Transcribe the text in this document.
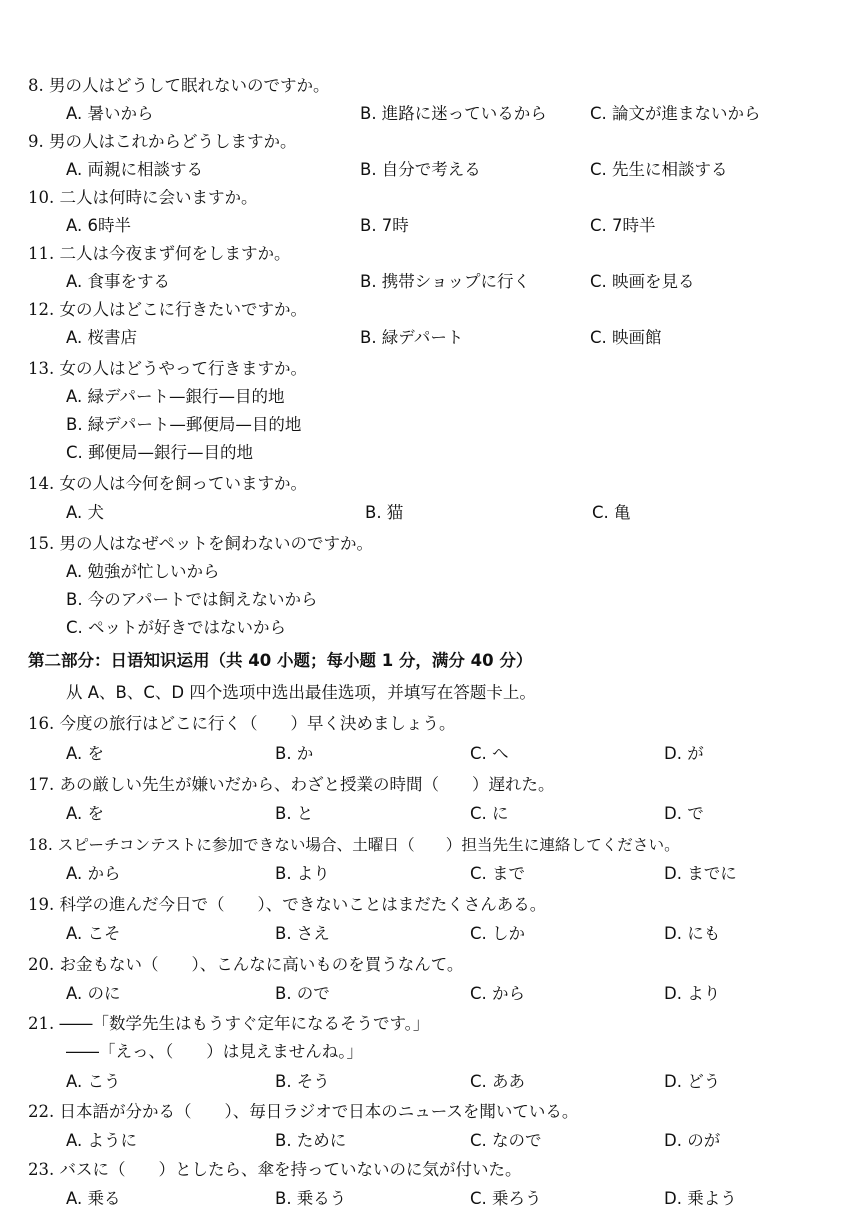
8. 男の人はどうして眠れないのですか。
A. 暑いから	B. 進路に迷っているから	C. 論文が進まないから
9. 男の人はこれからどうしますか。
A. 両親に相談する	B. 自分で考える	C. 先生に相談する
10. 二人は何時に会いますか。
A. 6時半	B. 7時	C. 7時半
11. 二人は今夜まず何をしますか。
A. 食事をする	B. 携帯ショップに行く	C. 映画を見る
12. 女の人はどこに行きたいですか。
A. 桜書店	B. 緑デパート	C. 映画館
13. 女の人はどうやって行きますか。
A. 緑デパート—銀行—目的地
B. 緑デパート—郵便局—目的地
C. 郵便局—銀行—目的地
14. 女の人は今何を飼っていますか。
A. 犬	B. 猫	C. 亀
15. 男の人はなぜペットを飼わないのですか。
A. 勉強が忙しいから
B. 今のアパートでは飼えないから
C. ペットが好きではないから
第二部分：日语知识运用（共 40 小题；每小题 1 分，满分 40 分）
从 A、B、C、D 四个选项中选出最佳选项，并填写在答题卡上。
16. 今度の旅行はどこに行く（　　）早く決めましょう。
A. を	B. か	C. へ	D. が
17. あの厳しい先生が嫌いだから、わざと授業の時間（　　）遅れた。
A. を	B. と	C. に	D. で
18. スピーチコンテストに参加できない場合、土曜日（　　）担当先生に連絡してください。
A. から	B. より	C. まで	D. までに
19. 科学の進んだ今日で（　　）、できないことはまだたくさんある。
A. こそ	B. さえ	C. しか	D. にも
20. お金もない（　　）、こんなに高いものを買うなんて。
A. のに	B. ので	C. から	D. より
21. ――「数学先生はもうすぐ定年になるそうです。」
――「えっ、（　　）は見えませんね。」
A. こう	B. そう	C. ああ	D. どう
22. 日本語が分かる（　　）、毎日ラジオで日本のニュースを聞いている。
A. ように	B. ために	C. なので	D. のが
23. バスに（　　）としたら、傘を持っていないのに気が付いた。
A. 乗る	B. 乗るう	C. 乗ろう	D. 乗よう
